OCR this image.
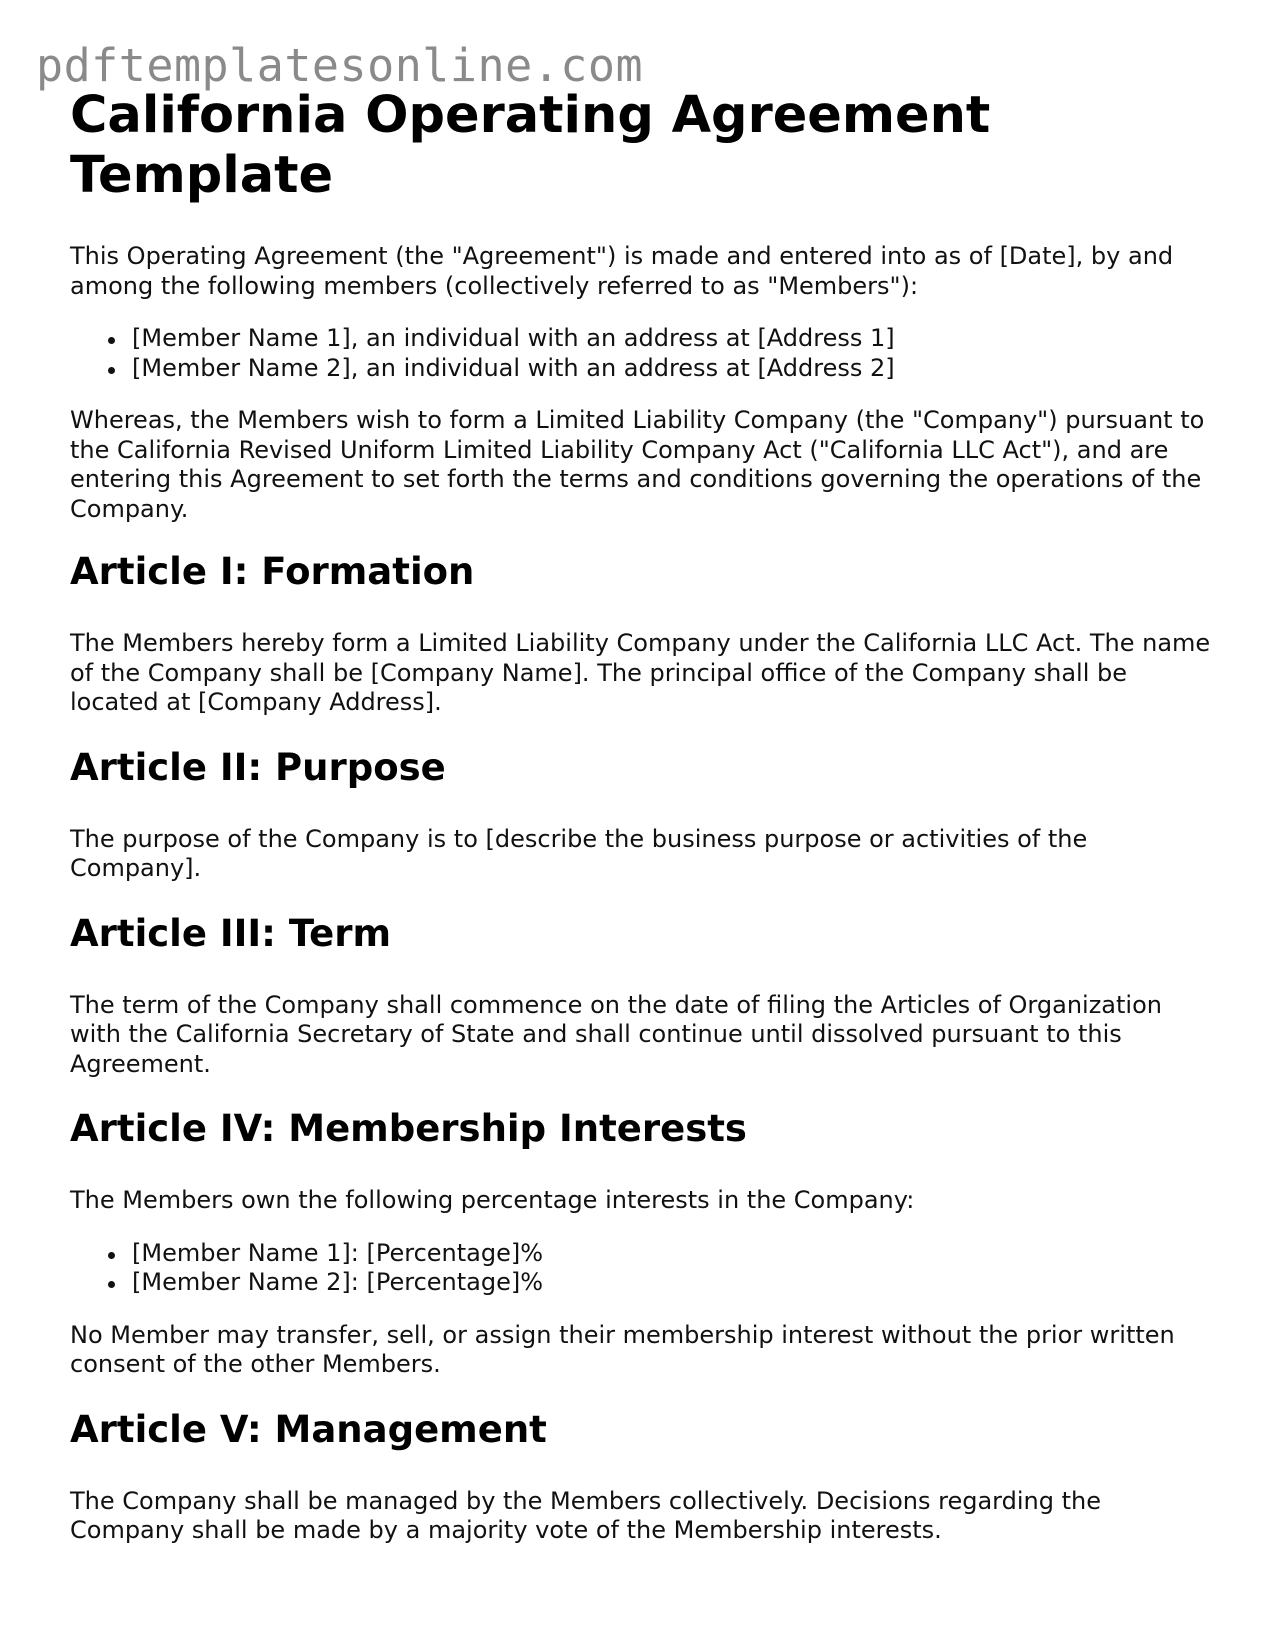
pdftemplatesonline.com
California Operating Agreement Template

This Operating Agreement (the "Agreement") is made and entered into as of [Date], by and among the following members (collectively referred to as "Members"):

[Member Name 1], an individual with an address at [Address 1]
[Member Name 2], an individual with an address at [Address 2]

Whereas, the Members wish to form a Limited Liability Company (the "Company") pursuant to the California Revised Uniform Limited Liability Company Act ("California LLC Act"), and are entering this Agreement to set forth the terms and conditions governing the operations of the Company.

Article I: Formation

The Members hereby form a Limited Liability Company under the California LLC Act. The name of the Company shall be [Company Name]. The principal office of the Company shall be located at [Company Address].

Article II: Purpose

The purpose of the Company is to [describe the business purpose or activities of the Company].

Article III: Term

The term of the Company shall commence on the date of filing the Articles of Organization with the California Secretary of State and shall continue until dissolved pursuant to this Agreement.

Article IV: Membership Interests

The Members own the following percentage interests in the Company:

[Member Name 1]: [Percentage]%
[Member Name 2]: [Percentage]%

No Member may transfer, sell, or assign their membership interest without the prior written consent of the other Members.

Article V: Management

The Company shall be managed by the Members collectively. Decisions regarding the Company shall be made by a majority vote of the Membership interests.
